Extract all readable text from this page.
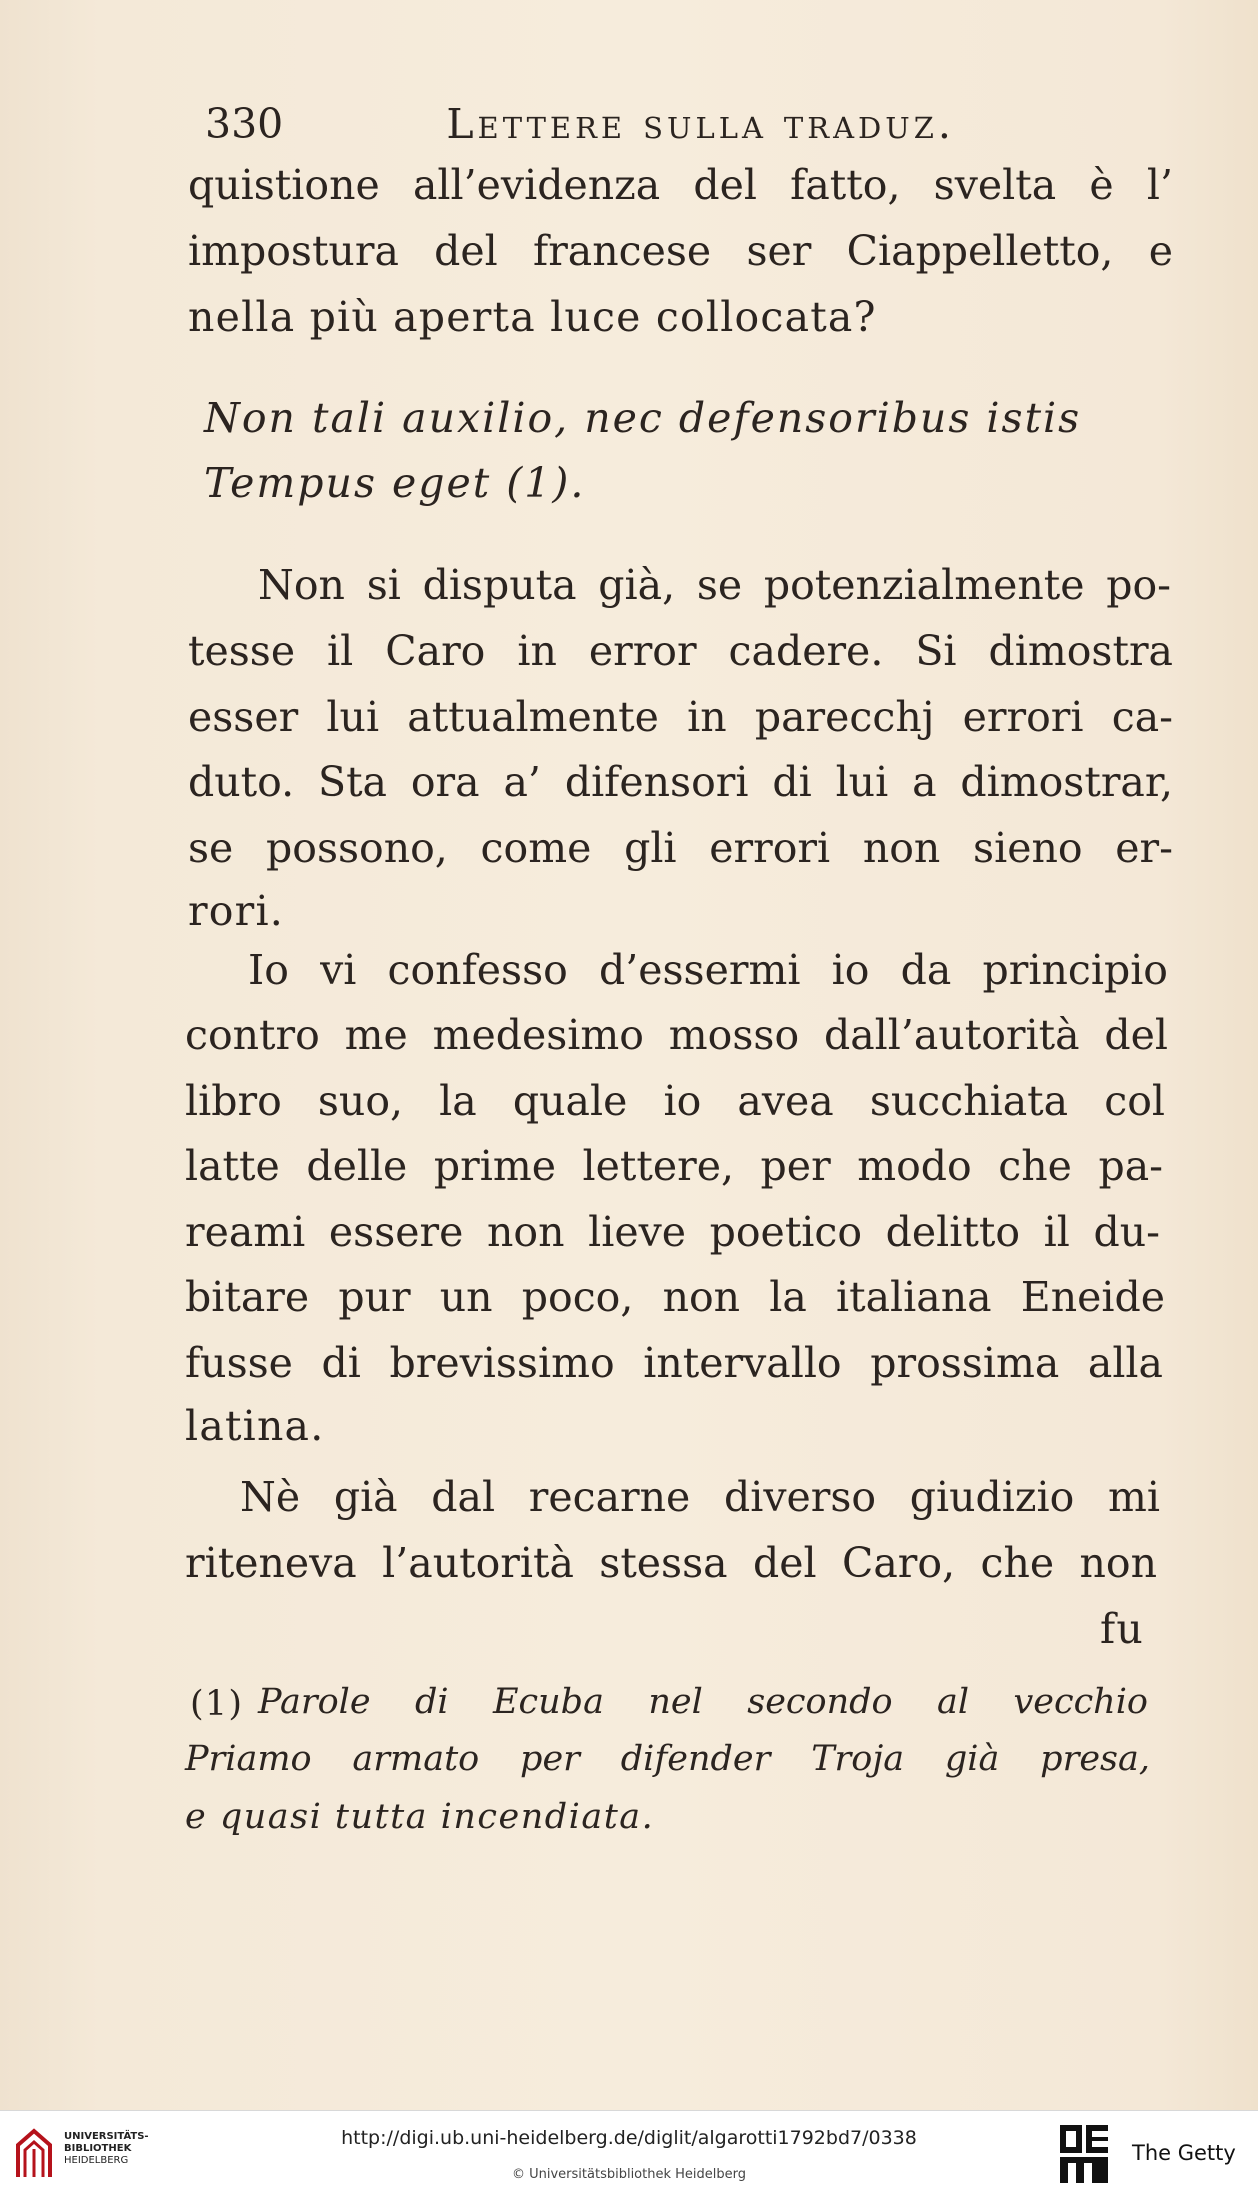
330	Lettere sulla traduz.
quistione all’evidenza del fatto, svelta è l’
impostura del francese ser Ciappelletto, e
nella più aperta luce collocata?
Non tali auxilio, nec defensoribus istis
Tempus eget (1).
Non si disputa già, se potenzialmente po-
tesse il Caro in error cadere. Si dimostra
esser lui attualmente in parecchj errori ca-
duto. Sta ora a’ difensori di lui a dimostrar,
se possono, come gli errori non sieno er-
rori.
Io vi confesso d’essermi io da principio
contro me medesimo mosso dall’autorità del
libro suo, la quale io avea succhiata col
latte delle prime lettere, per modo che pa-
reami essere non lieve poetico delitto il du-
bitare pur un poco, non la italiana Eneide
fusse di brevissimo intervallo prossima alla
latina.
Nè già dal recarne diverso giudizio mi
riteneva l’autorità stessa del Caro, che non
fu
(1) Parole di Ecuba nel secondo al vecchio
Priamo armato per difender Troja già presa,
e quasi tutta incendiata.
UNIVERSITÄTS-
BIBLIOTHEK
HEIDELBERG
http://digi.ub.uni-heidelberg.de/diglit/algarotti1792bd7/0338
© Universitätsbibliothek Heidelberg
The Getty
